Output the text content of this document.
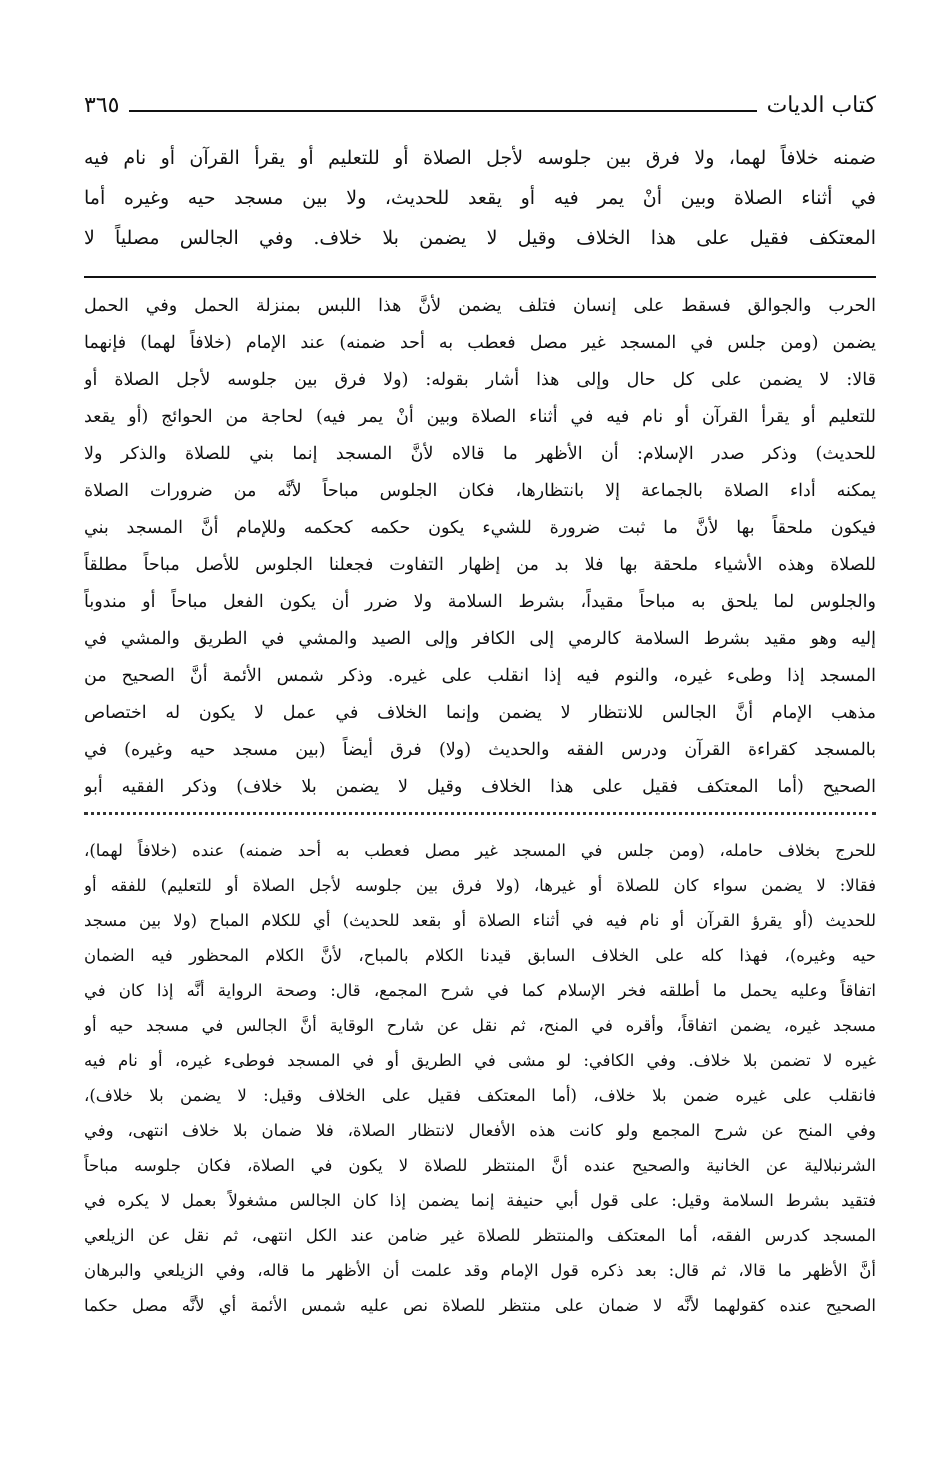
كتاب الديات
٣٦٥
ضمنه خلافاً لهما، ولا فرق بين جلوسه لأجل الصلاة أو للتعليم أو يقرأ القرآن أو نام فيه
في أثناء الصلاة وبين أنْ يمر فيه أو يقعد للحديث، ولا بين مسجد حيه وغيره أما
المعتكف فقيل على هذا الخلاف وقيل لا يضمن بلا خلاف. وفي الجالس مصلياً لا
الحرب والجوالق فسقط على إنسان فتلف يضمن لأنَّ هذا اللبس بمنزلة الحمل وفي الحمل
يضمن (ومن جلس في المسجد غير مصل فعطب به أحد ضمنه) عند الإمام (خلافاً لهما) فإنهما
قالا: لا يضمن على كل حال وإلى هذا أشار بقوله: (ولا فرق بين جلوسه لأجل الصلاة أو
للتعليم أو يقرأ القرآن أو نام فيه في أثناء الصلاة وبين أنْ يمر فيه) لحاجة من الحوائج (أو يقعد
للحديث) وذكر صدر الإسلام: أن الأظهر ما قالاه لأنَّ المسجد إنما بني للصلاة والذكر ولا
يمكنه أداء الصلاة بالجماعة إلا بانتظارها، فكان الجلوس مباحاً لأنَّه من ضرورات الصلاة
فيكون ملحقاً بها لأنَّ ما ثبت ضرورة للشيء يكون حكمه كحكمه وللإمام أنَّ المسجد بني
للصلاة وهذه الأشياء ملحقة بها فلا بد من إظهار التفاوت فجعلنا الجلوس للأصل مباحاً مطلقاً
والجلوس لما يلحق به مباحاً مقيداً، بشرط السلامة ولا ضرر أن يكون الفعل مباحاً أو مندوباً
إليه وهو مقيد بشرط السلامة كالرمي إلى الكافر وإلى الصيد والمشي في الطريق والمشي في
المسجد إذا وطىء غيره، والنوم فيه إذا انقلب على غيره. وذكر شمس الأئمة أنَّ الصحيح من
مذهب الإمام أنَّ الجالس للانتظار لا يضمن وإنما الخلاف في عمل لا يكون له اختصاص
بالمسجد كقراءة القرآن ودرس الفقه والحديث (ولا) فرق أيضاً (بين مسجد حيه وغيره) في
الصحيح (أما المعتكف فقيل على هذا الخلاف وقيل لا يضمن بلا خلاف) وذكر الفقيه أبو
للحرج بخلاف حامله، (ومن جلس في المسجد غير مصل فعطب به أحد ضمنه) عنده (خلافاً لهما)،
فقالا: لا يضمن سواء كان للصلاة أو غيرها، (ولا فرق بين جلوسه لأجل الصلاة أو للتعليم) للفقه أو
للحديث (أو يقرؤ القرآن أو نام فيه في أثناء الصلاة أو بقعد للحديث) أي للكلام المباح (ولا بين مسجد
حيه وغيره)، فهذا كله على الخلاف السابق قيدنا الكلام بالمباح، لأنَّ الكلام المحظور فيه الضمان
اتفاقاً وعليه يحمل ما أطلقه فخر الإسلام كما في شرح المجمع، قال: وصحة الرواية أنَّه إذا كان في
مسجد غيره، يضمن اتفاقاً، وأقره في المنح، ثم نقل عن شارح الوقاية أنَّ الجالس في مسجد حيه أو
غيره لا تضمن بلا خلاف. وفي الكافي: لو مشى في الطريق أو في المسجد فوطىء غيره، أو نام فيه
فانقلب على غيره ضمن بلا خلاف، (أما المعتكف فقيل على الخلاف وقيل: لا يضمن بلا خلاف)،
وفي المنح عن شرح المجمع ولو كانت هذه الأفعال لانتظار الصلاة، فلا ضمان بلا خلاف انتهى، وفي
الشرنبلالية عن الخانية والصحيح عنده أنَّ المنتظر للصلاة لا يكون في الصلاة، فكان جلوسه مباحاً
فتقيد بشرط السلامة وقيل: على قول أبي حنيفة إنما يضمن إذا كان الجالس مشغولاً بعمل لا يكره في
المسجد كدرس الفقه، أما المعتكف والمنتظر للصلاة غير ضامن عند الكل انتهى، ثم نقل عن الزيلعي
أنَّ الأظهر ما قالا، ثم قال: بعد ذكره قول الإمام وقد علمت أن الأظهر ما قاله، وفي الزيلعي والبرهان
الصحيح عنده كقولهما لأنَّه لا ضمان على منتظر للصلاة نص عليه شمس الأئمة أي لأنَّه مصل حكما
